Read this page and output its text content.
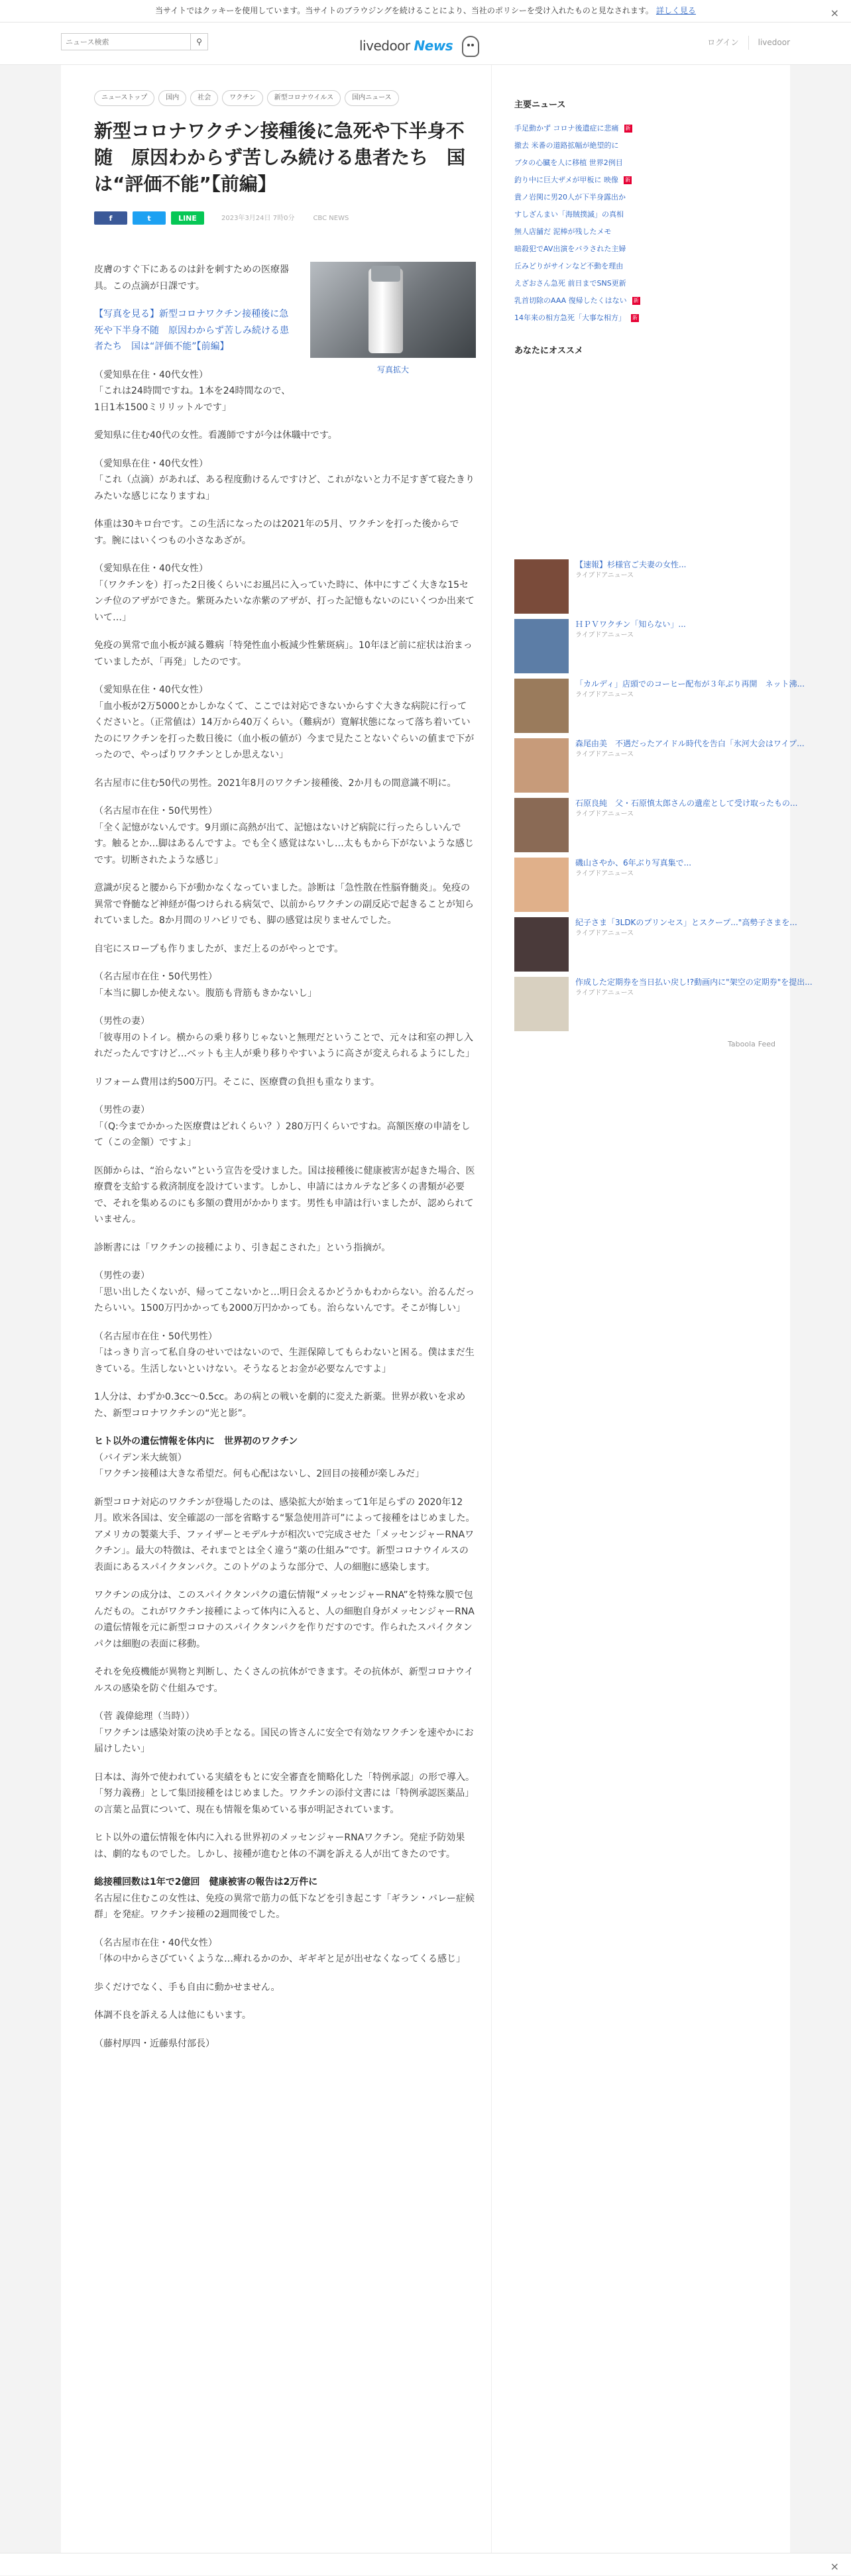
当サイトではクッキーを使用しています。当サイトのブラウジングを続けることにより、当社のポリシーを受け入れたものと見なされます。 詳しく見る	×
ニュース検索
⚲	livedoor News	ログイン	livedoor
ニューストップ	国内	社会	ワクチン	新型コロナウイルス	国内ニュース
新型コロナワクチン接種後に急死や下半身不随　原因わからず苦しみ続ける患者たち　国は“評価不能”【前編】
f	t	LINE	2023年3月24日 7時0分	CBC NEWS
写真拡大

皮膚のすぐ下にあるのは針を刺すための医療器具。この点滴が日課です。

【写真を見る】新型コロナワクチン接種後に急死や下半身不随　原因わからず苦しみ続ける患者たち　国は“評価不能”【前編】

（愛知県在住・40代女性）
「これは24時間ですね。1本を24時間なので、1日1本1500ミリリットルです」

愛知県に住む40代の女性。看護師ですが今は休職中です。

（愛知県在住・40代女性）
「これ（点滴）があれば、ある程度動けるんですけど、これがないと力不足すぎて寝たきりみたいな感じになりますね」

体重は30キロ台です。この生活になったのは2021年の5月、ワクチンを打った後からです。腕にはいくつもの小さなあざが。

（愛知県在住・40代女性）
「（ワクチンを）打った2日後くらいにお風呂に入っていた時に、体中にすごく大きな15センチ位のアザができた。紫斑みたいな赤紫のアザが、打った記憶もないのにいくつか出来ていて…」

免疫の異常で血小板が減る難病「特発性血小板減少性紫斑病」。10年ほど前に症状は治まっていましたが、「再発」したのです。

（愛知県在住・40代女性）
「血小板が2万5000とかしかなくて、ここでは対応できないからすぐ大きな病院に行ってくださいと。（正常値は）14万から40万くらい。（難病が）寛解状態になって落ち着いていたのにワクチンを打った数日後に（血小板の値が）今まで見たことないぐらいの値まで下がったので、やっぱりワクチンとしか思えない」

名古屋市に住む50代の男性。2021年8月のワクチン接種後、2か月もの間意識不明に。

（名古屋市在住・50代男性）
「全く記憶がないんです。9月頭に高熱が出て、記憶はないけど病院に行ったらしいんです。触るとか…脚はあるんですよ。でも全く感覚はないし…太ももから下がないような感じです。切断されたような感じ」

意識が戻ると腰から下が動かなくなっていました。診断は「急性散在性脳脊髄炎」。免疫の異常で脊髄など神経が傷つけられる病気で、以前からワクチンの副反応で起きることが知られていました。8か月間のリハビリでも、脚の感覚は戻りませんでした。

自宅にスロープも作りましたが、まだ上るのがやっとです。

（名古屋市在住・50代男性）
「本当に脚しか使えない。腹筋も背筋もきかないし」

（男性の妻）
「彼専用のトイレ。横からの乗り移りじゃないと無理だということで、元々は和室の押し入れだったんですけど…ベットも主人が乗り移りやすいように高さが変えられるようにした」

リフォーム費用は約500万円。そこに、医療費の負担も重なります。

（男性の妻）
「（Q:今までかかった医療費はどれくらい？）280万円くらいですね。高額医療の申請をして（この金額）ですよ」

医師からは、“治らない”という宣告を受けました。国は接種後に健康被害が起きた場合、医療費を支給する救済制度を設けています。しかし、申請にはカルテなど多くの書類が必要で、それを集めるのにも多額の費用がかかります。男性も申請は行いましたが、認められていません。

診断書には「ワクチンの接種により、引き起こされた」という指摘が。

（男性の妻）
「思い出したくないが、帰ってこないかと…明日会えるかどうかもわからない。治るんだったらいい。1500万円かかっても2000万円かかっても。治らないんです。そこが悔しい」

（名古屋市在住・50代男性）
「はっきり言って私自身のせいではないので、生涯保障してもらわないと困る。僕はまだ生きている。生活しないといけない。そうなるとお金が必要なんですよ」

1人分は、わずか0.3cc～0.5cc。あの病との戦いを劇的に変えた新薬。世界が救いを求めた、新型コロナワクチンの“光と影”。

ヒト以外の遺伝情報を体内に　世界初のワクチン

（バイデン米大統領）
「ワクチン接種は大きな希望だ。何も心配はないし、2回目の接種が楽しみだ」

新型コロナ対応のワクチンが登場したのは、感染拡大が始まって1年足らずの 2020年12月。欧米各国は、安全確認の一部を省略する“緊急使用許可”によって接種をはじめました。アメリカの製薬大手、ファイザーとモデルナが相次いで完成させた「メッセンジャーRNAワクチン」。最大の特徴は、それまでとは全く違う“薬の仕組み”です。新型コロナウイルスの表面にあるスパイクタンパク。このトゲのような部分で、人の細胞に感染します。

ワクチンの成分は、このスパイクタンパクの遺伝情報“メッセンジャーRNA”を特殊な膜で包んだもの。これがワクチン接種によって体内に入ると、人の細胞自身がメッセンジャーRNAの遺伝情報を元に新型コロナのスパイクタンパクを作りだすのです。作られたスパイクタンパクは細胞の表面に移動。

それを免疫機能が異物と判断し、たくさんの抗体ができます。その抗体が、新型コロナウイルスの感染を防ぐ仕組みです。

（菅 義偉総理（当時））
「ワクチンは感染対策の決め手となる。国民の皆さんに安全で有効なワクチンを速やかにお届けしたい」

日本は、海外で使われている実績をもとに安全審査を簡略化した「特例承認」の形で導入。「努力義務」として集団接種をはじめました。ワクチンの添付文書には「特例承認医薬品」の言葉と品質について、現在も情報を集めている事が明記されています。

ヒト以外の遺伝情報を体内に入れる世界初のメッセンジャーRNAワクチン。発症予防効果は、劇的なものでした。しかし、接種が進むと体の不調を訴える人が出てきたのです。

総接種回数は1年で2億回　健康被害の報告は2万件に

名古屋に住むこの女性は、免疫の異常で筋力の低下などを引き起こす「ギラン・バレー症候群」を発症。ワクチン接種の2週間後でした。

（名古屋市在住・40代女性）
「体の中からさびていくような…痺れるかのか、ギギギと足が出せなくなってくる感じ」

歩くだけでなく、手も自由に動かせません。

体調不良を訴える人は他にもいます。

（藤村厚四・近藤県付部長）

主要ニュース
手足動かず コロナ後遺症に悲痛 新
撤去 米番の道路拡幅が絶望的に
ブタの心臓を人に移植 世界2例目
釣り中に巨大ザメが甲板に 映像 新
貴ノ岩関に男20人が下半身露出か
すしざんまい「海賊撲滅」の真相
無人店舗だ 泥棒が残したメモ
暗殺犯でAV出演をバラされた主婦
丘みどりがサインなど不動を理由
えざおさん急死 前日までSNS更新
乳首切除のAAA 復帰したくはない 新
14年来の相方急死「大事な相方」 新
あなたにオススメ
【速報】杉様官ご夫妻の女性...
ライブドアニュース
ＨＰＶワクチン「知らない」...
ライブドアニュース
「カルディ」店頭でのコーヒー配布が３年ぶり再開　ネット沸...
ライブドアニュース
森尾由美　不遇だったアイドル時代を告白「氷河大会はワイプ...
ライブドアニュース
石原良純　父・石原慎太郎さんの遺産として受け取ったもの...
ライブドアニュース
磯山さやか、6年ぶり写真集で...
ライブドアニュース
紀子さま「3LDKのプリンセス」とスクープ..."高勢子さまを...
ライブドアニュース
作成した定期券を当日払い戻し!?動画内に"架空の定期券"を提出...
ライブドアニュース
Taboola Feed
×
